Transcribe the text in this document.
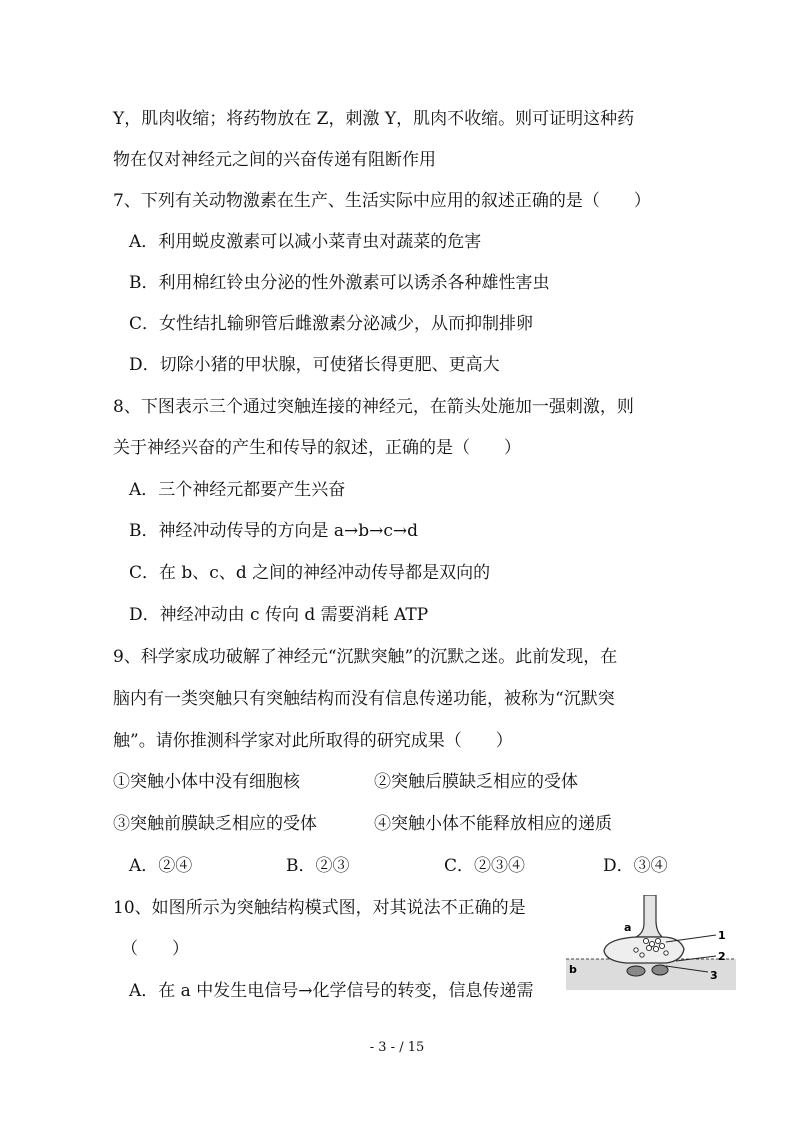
Y，肌肉收缩；将药物放在 Z，刺激 Y，肌肉不收缩。则可证明这种药
物在仅对神经元之间的兴奋传递有阻断作用
7、下列有关动物激素在生产、生活实际中应用的叙述正确的是（　　）
A．利用蜕皮激素可以减小菜青虫对蔬菜的危害
B．利用棉红铃虫分泌的性外激素可以诱杀各种雄性害虫
C．女性结扎输卵管后雌激素分泌减少，从而抑制排卵
D．切除小猪的甲状腺，可使猪长得更肥、更高大
8、下图表示三个通过突触连接的神经元，在箭头处施加一强刺激，则
关于神经兴奋的产生和传导的叙述，正确的是（　　）
A．三个神经元都要产生兴奋
B．神经冲动传导的方向是 a→b→c→d
C．在 b、c、d 之间的神经冲动传导都是双向的
D．神经冲动由 c 传向 d 需要消耗 ATP
9、科学家成功破解了神经元“沉默突触”的沉默之迷。此前发现，在
脑内有一类突触只有突触结构而没有信息传递功能，被称为“沉默突
触”。请你推测科学家对此所取得的研究成果（　　）
①突触小体中没有细胞核	②突触后膜缺乏相应的受体
③突触前膜缺乏相应的受体	④突触小体不能释放相应的递质
A．②④	B．②③	C．②③④	D．③④
10、如图所示为突触结构模式图，对其说法不正确的是
（　　）
A．在 a 中发生电信号→化学信号的转变，信息传递需
a
b
1
2
3
- 3 - / 15
